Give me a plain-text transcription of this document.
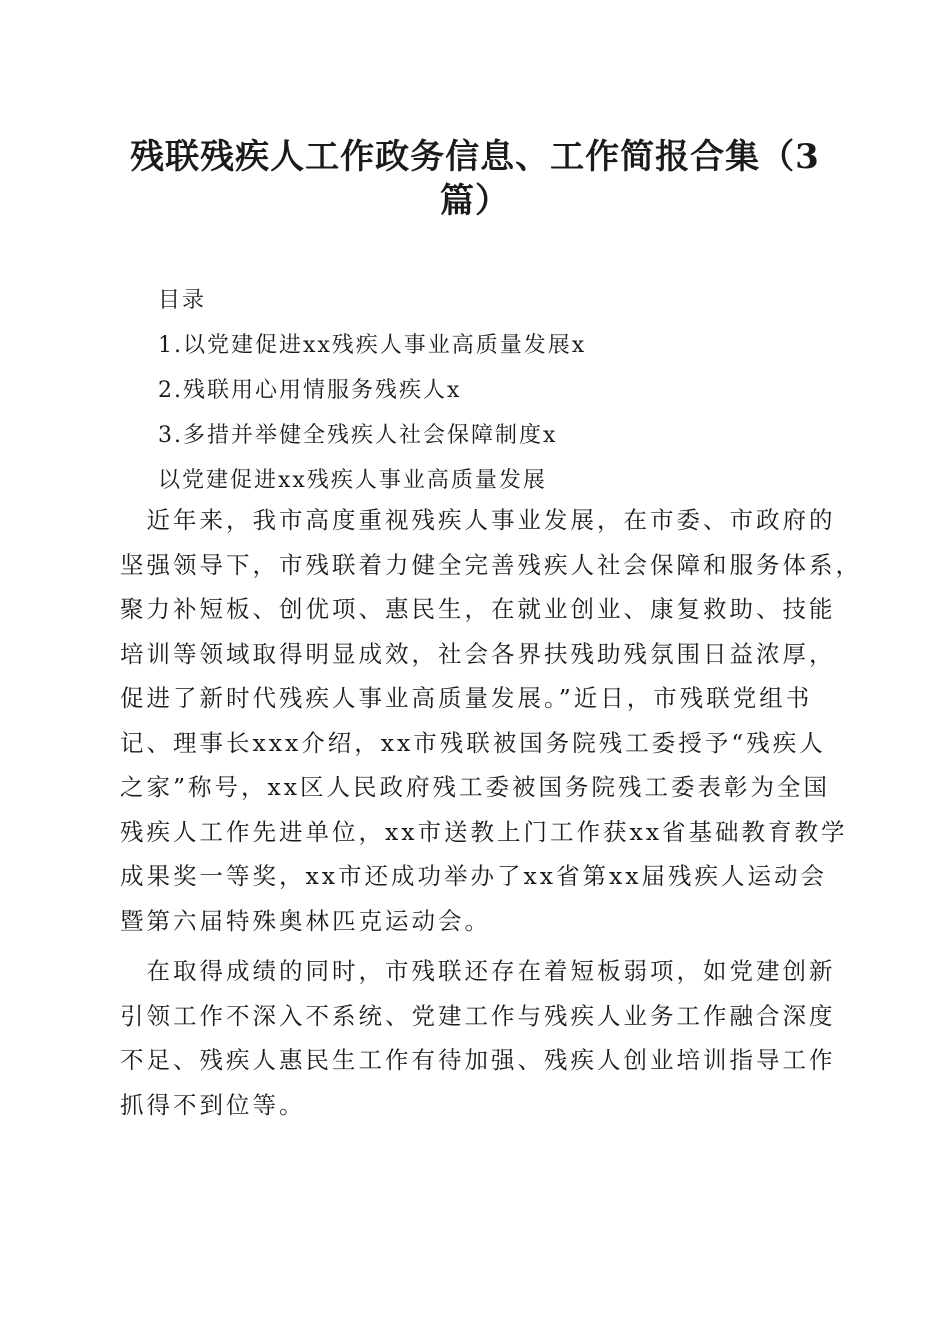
残联残疾人工作政务信息、工作简报合集（3
篇）
目录
1.以党建促进xx残疾人事业高质量发展x
2.残联用心用情服务残疾人x
3.多措并举健全残疾人社会保障制度x
以党建促进xx残疾人事业高质量发展
　近年来，我市高度重视残疾人事业发展，在市委、市政府的
坚强领导下，市残联着力健全完善残疾人社会保障和服务体系，
聚力补短板、创优项、惠民生，在就业创业、康复救助、技能
培训等领域取得明显成效，社会各界扶残助残氛围日益浓厚，
促进了新时代残疾人事业高质量发展。”近日，市残联党组书
记、理事长xxx介绍，xx市残联被国务院残工委授予“残疾人
之家”称号，xx区人民政府残工委被国务院残工委表彰为全国
残疾人工作先进单位，xx市送教上门工作获xx省基础教育教学
成果奖一等奖，xx市还成功举办了xx省第xx届残疾人运动会
暨第六届特殊奥林匹克运动会。
　在取得成绩的同时，市残联还存在着短板弱项，如党建创新
引领工作不深入不系统、党建工作与残疾人业务工作融合深度
不足、残疾人惠民生工作有待加强、残疾人创业培训指导工作
抓得不到位等。
